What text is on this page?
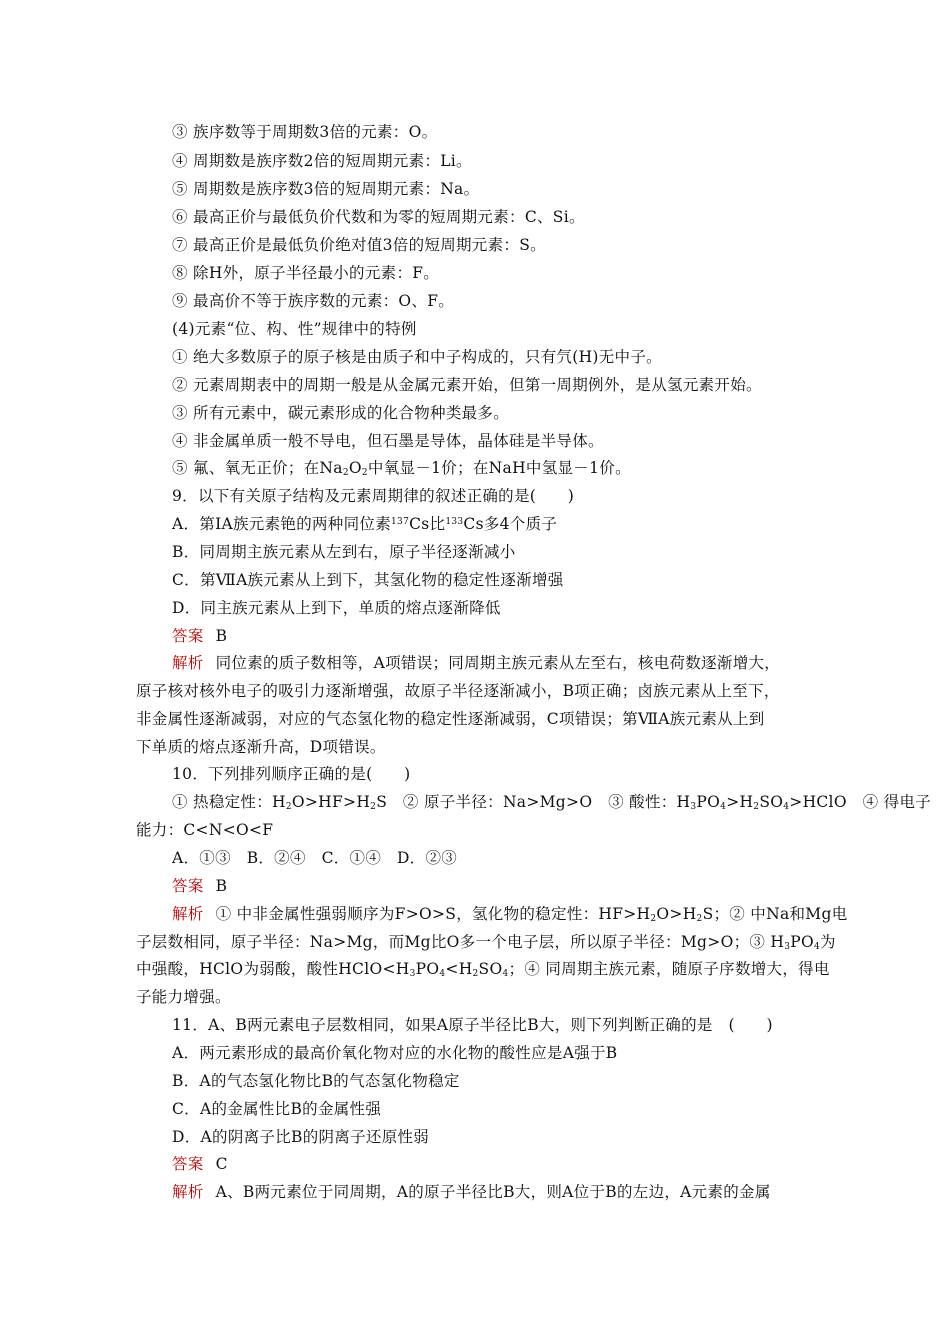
③ 族序数等于周期数3倍的元素：O。
④ 周期数是族序数2倍的短周期元素：Li。
⑤ 周期数是族序数3倍的短周期元素：Na。
⑥ 最高正价与最低负价代数和为零的短周期元素：C、Si。
⑦ 最高正价是最低负价绝对值3倍的短周期元素：S。
⑧ 除H外，原子半径最小的元素：F。
⑨ 最高价不等于族序数的元素：O、F。
(4)元素“位、构、性”规律中的特例
① 绝大多数原子的原子核是由质子和中子构成的，只有氕(H)无中子。
② 元素周期表中的周期一般是从金属元素开始，但第一周期例外，是从氢元素开始。
③ 所有元素中，碳元素形成的化合物种类最多。
④ 非金属单质一般不导电，但石墨是导体，晶体硅是半导体。
⑤ 氟、氧无正价；在$Na_2O_2$中氧显－1价；在NaH中氢显－1价。
9．以下有关原子结构及元素周期律的叙述正确的是(　　)
A．第ⅠA族元素铯的两种同位素$^{137}$Cs比$^{133}$Cs多4个质子
B．同周期主族元素从左到右，原子半径逐渐减小
C．第ⅦA族元素从上到下，其氢化物的稳定性逐渐增强
D．同主族元素从上到下，单质的熔点逐渐降低
答案 B
解析 同位素的质子数相等，A项错误；同周期主族元素从左至右，核电荷数逐渐增大，
原子核对核外电子的吸引力逐渐增强，故原子半径逐渐减小，B项正确；卤族元素从上至下，
非金属性逐渐减弱，对应的气态氢化物的稳定性逐渐减弱，C项错误；第ⅦA族元素从上到
下单质的熔点逐渐升高，D项错误。
10．下列排列顺序正确的是(　　)
① 热稳定性：$H_2O>HF>H_2S$　② 原子半径：Na>Mg>O　③ 酸性：$H_3PO_4>H_2SO_4>HClO$　④ 得电子
能力：C<N<O<F
A．①③　B．②④　C．①④　D．②③
答案 B
解析 ① 中非金属性强弱顺序为F>O>S，氢化物的稳定性：$HF>H_2O>H_2S$；② 中Na和Mg电
子层数相同，原子半径：Na>Mg，而Mg比O多一个电子层，所以原子半径：Mg>O；③ $H_3PO_4$为
中强酸，HClO为弱酸，酸性$HClO<H_3PO_4<H_2SO_4$；④ 同周期主族元素，随原子序数增大，得电
子能力增强。
11．A、B两元素电子层数相同，如果A原子半径比B大，则下列判断正确的是　(　　)
A．两元素形成的最高价氧化物对应的水化物的酸性应是A强于B
B．A的气态氢化物比B的气态氢化物稳定
C．A的金属性比B的金属性强
D．A的阴离子比B的阴离子还原性弱
答案 C
解析 A、B两元素位于同周期，A的原子半径比B大，则A位于B的左边，A元素的金属
